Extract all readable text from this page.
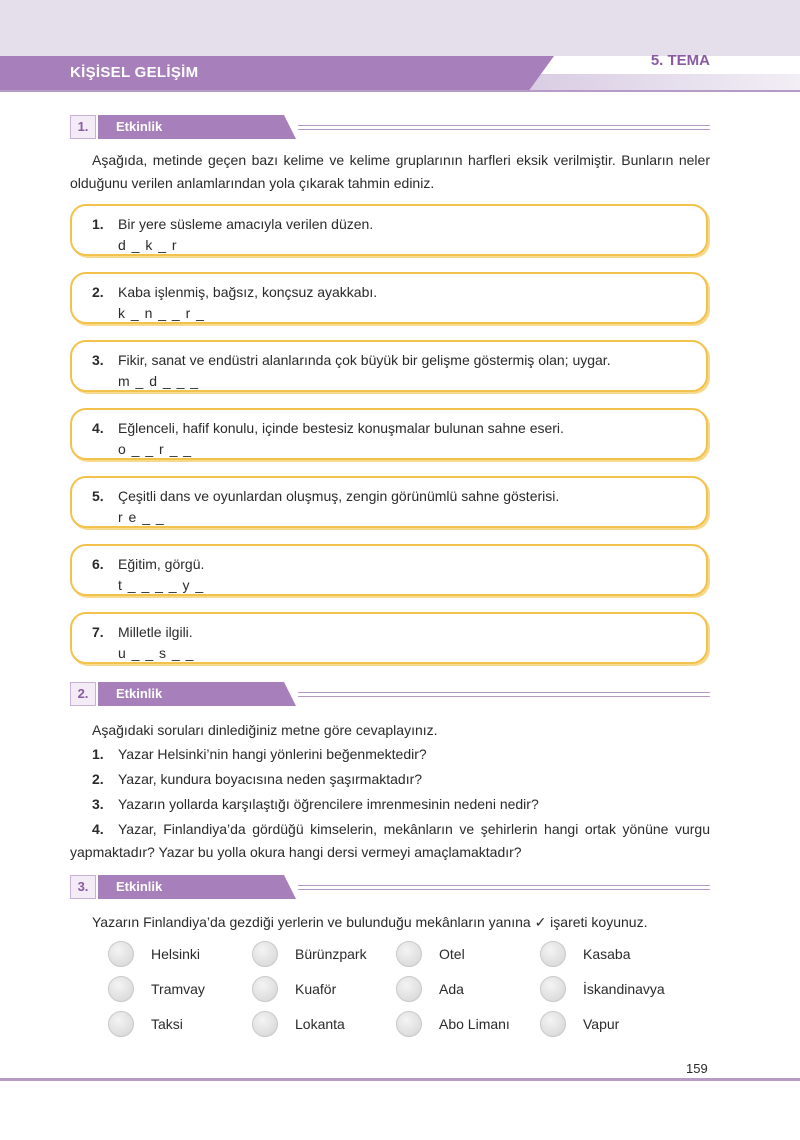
KİŞİSEL GELİŞİM
5. TEMA
1.	Etkinlik

Aşağıda, metinde geçen bazı kelime ve kelime gruplarının harfleri eksik verilmiştir. Bunların neler olduğunu verilen anlamlarından yola çıkarak tahmin ediniz.

1. Bir yere süsleme amacıyla verilen düzen.
d _ k _ r
2. Kaba işlenmiş, bağsız, konçsuz ayakkabı.
k _ n _ _ r _
3. Fikir, sanat ve endüstri alanlarında çok büyük bir gelişme göstermiş olan; uygar.
m _ d _ _ _
4. Eğlenceli, hafif konulu, içinde bestesiz konuşmalar bulunan sahne eseri.
o _ _ r _ _
5. Çeşitli dans ve oyunlardan oluşmuş, zengin görünümlü sahne gösterisi.
r e _ _
6. Eğitim, görgü.
t _ _ _ _ y _
7. Milletle ilgili.
u _ _ s _ _
2.	Etkinlik

Aşağıdaki soruları dinlediğiniz metne göre cevaplayınız.

1. Yazar Helsinki’nin hangi yönlerini beğenmektedir?
2. Yazar, kundura boyacısına neden şaşırmaktadır?
3. Yazarın yollarda karşılaştığı öğrencilere imrenmesinin nedeni nedir?
4. Yazar, Finlandiya’da gördüğü kimselerin, mekânların ve şehirlerin hangi ortak yönüne vurgu yapmaktadır? Yazar bu yolla okura hangi dersi vermeyi amaçlamaktadır?
3.	Etkinlik

Yazarın Finlandiya’da gezdiği yerlerin ve bulunduğu mekânların yanına ✓ işareti koyunuz.

Helsinki	Bürünzpark	Otel	Kasaba
Tramvay	Kuaför	Ada	İskandinavya
Taksi	Lokanta	Abo Limanı	Vapur
159
